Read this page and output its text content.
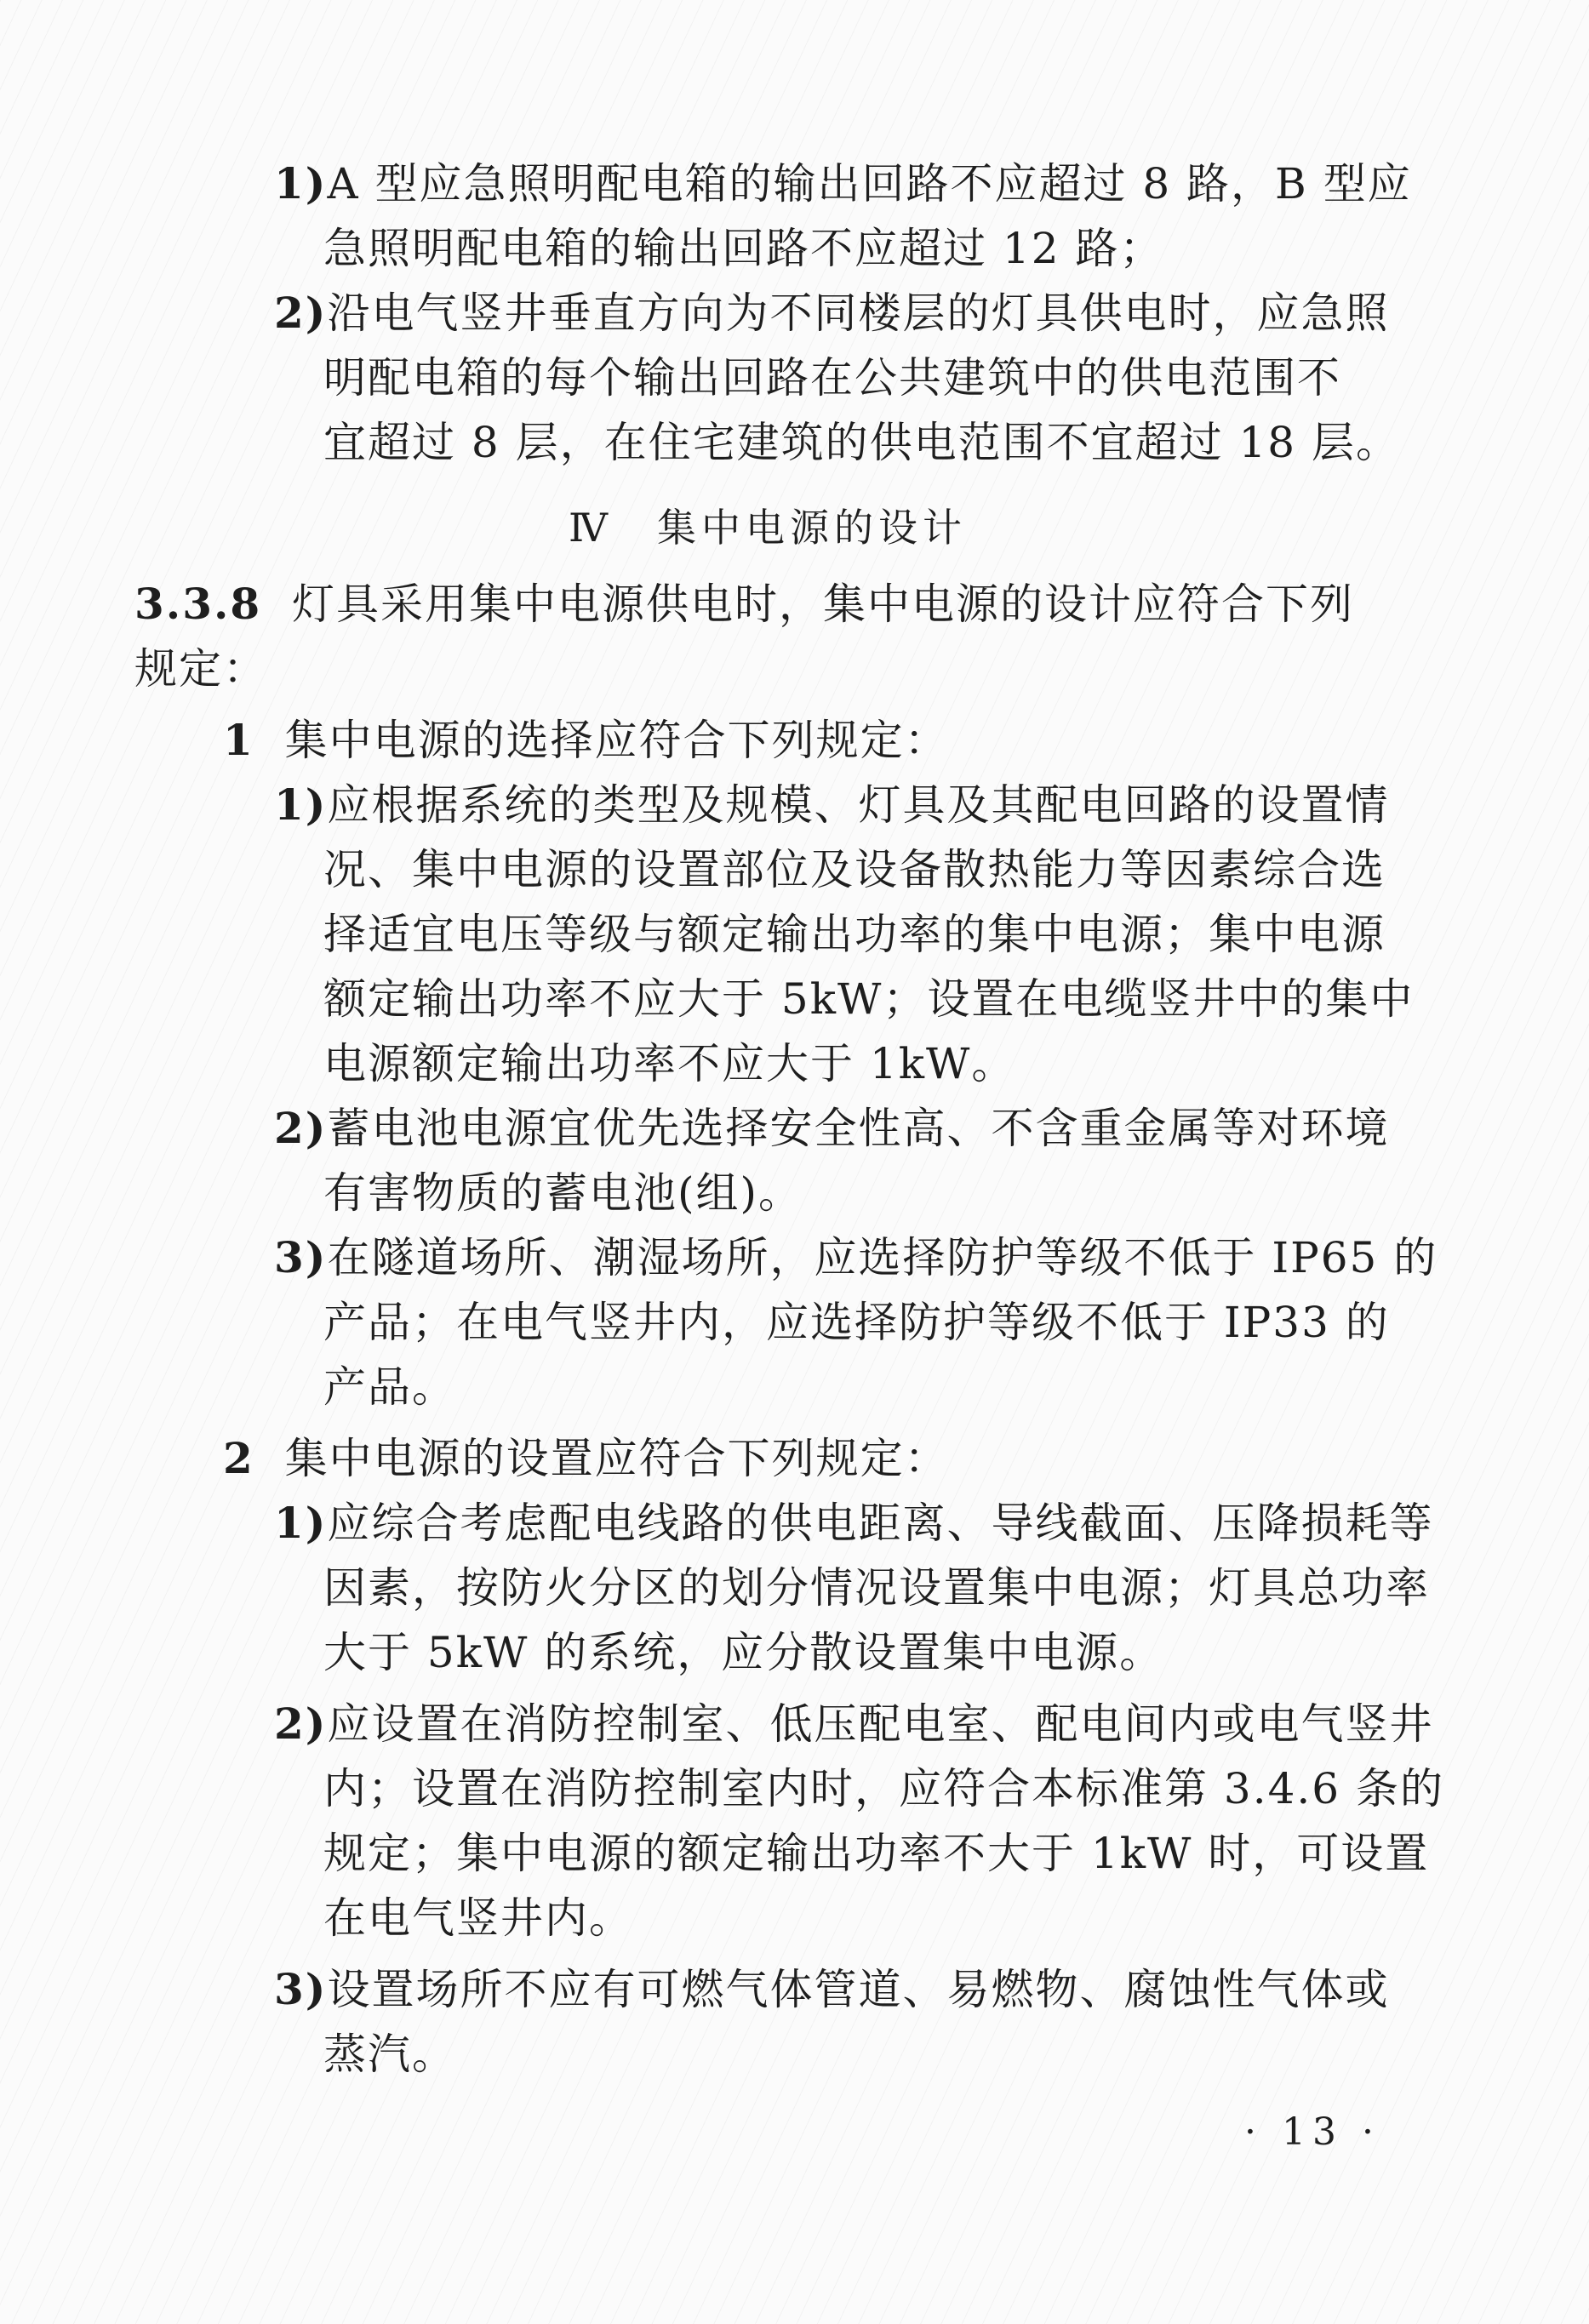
1)A 型应急照明配电箱的输出回路不应超过 8 路，B 型应
急照明配电箱的输出回路不应超过 12 路；
2)沿电气竖井垂直方向为不同楼层的灯具供电时，应急照
明配电箱的每个输出回路在公共建筑中的供电范围不
宜超过 8 层，在住宅建筑的供电范围不宜超过 18 层。
Ⅳ　集中电源的设计
3.3.8 灯具采用集中电源供电时，集中电源的设计应符合下列
规定：
1 集中电源的选择应符合下列规定：
1)应根据系统的类型及规模、灯具及其配电回路的设置情
况、集中电源的设置部位及设备散热能力等因素综合选
择适宜电压等级与额定输出功率的集中电源；集中电源
额定输出功率不应大于 5kW；设置在电缆竖井中的集中
电源额定输出功率不应大于 1kW。
2)蓄电池电源宜优先选择安全性高、不含重金属等对环境
有害物质的蓄电池(组)。
3)在隧道场所、潮湿场所，应选择防护等级不低于 IP65 的
产品；在电气竖井内，应选择防护等级不低于 IP33 的
产品。
2 集中电源的设置应符合下列规定：
1)应综合考虑配电线路的供电距离、导线截面、压降损耗等
因素，按防火分区的划分情况设置集中电源；灯具总功率
大于 5kW 的系统，应分散设置集中电源。
2)应设置在消防控制室、低压配电室、配电间内或电气竖井
内；设置在消防控制室内时，应符合本标准第 3.4.6 条的
规定；集中电源的额定输出功率不大于 1kW 时，可设置
在电气竖井内。
3)设置场所不应有可燃气体管道、易燃物、腐蚀性气体或
蒸汽。
· 13 ·
